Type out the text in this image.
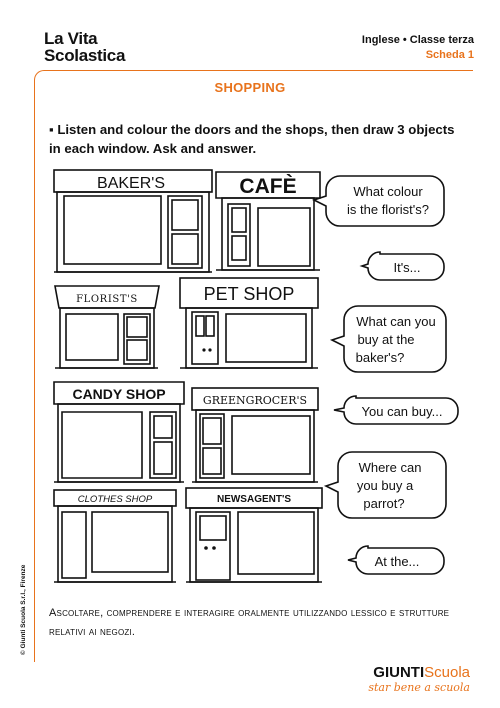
La Vita
Scolastica
Inglese • Classe terza
Scheda 1
SHOPPING
▪ Listen and colour the doors and the shops, then draw 3 objects in each window. Ask and answer.
BAKER'S	CAFÈ
FLORIST'S	PET SHOP
CANDY SHOP	GREENGROCER'S
CLOTHES SHOP	NEWSAGENT'S
What colour
is the florist's?
It's...
What can you
buy at the
baker's?
You can buy...
Where can
you buy a
parrot?
At the...
Ascoltare, comprendere e interagire oralmente utilizzando lessico e strutture relativi ai negozi.
© Giunti Scuola S.r.l., Firenze
GIUNTIScuola
star bene a scuola
